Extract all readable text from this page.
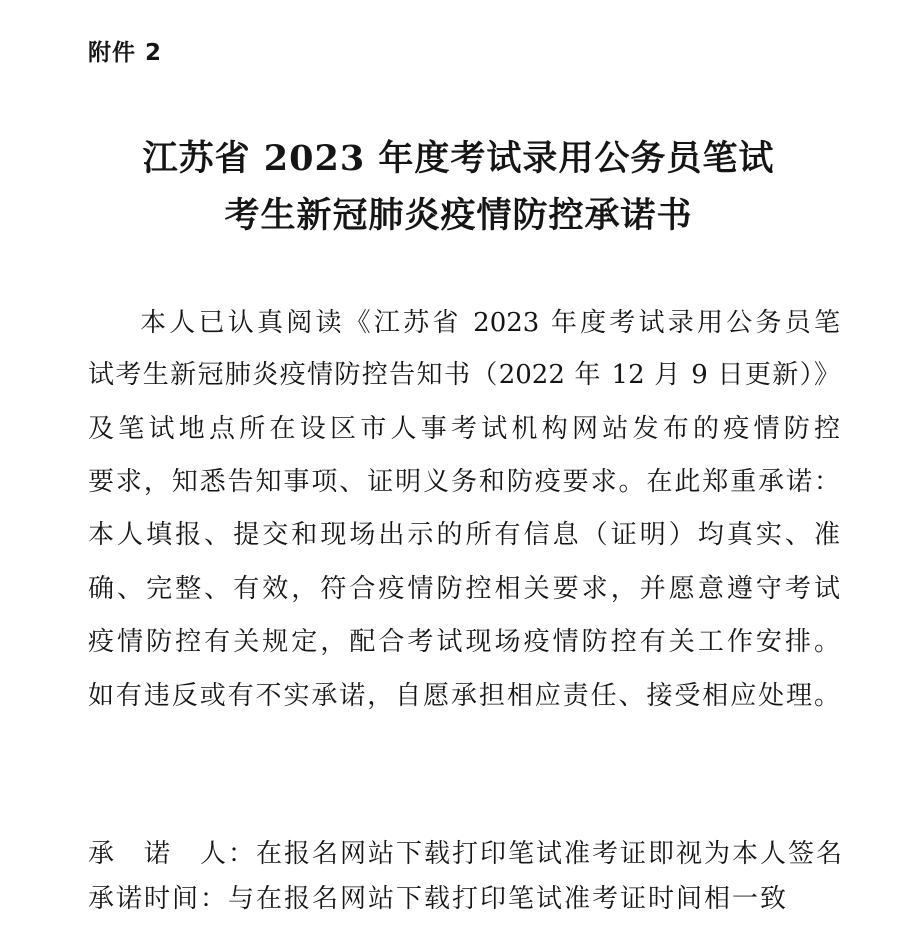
附件 2
江苏省 2023 年度考试录用公务员笔试
考生新冠肺炎疫情防控承诺书
本人已认真阅读《江苏省 2023 年度考试录用公务员笔
试考生新冠肺炎疫情防控告知书（2022 年 12 月 9 日更新）》
及笔试地点所在设区市人事考试机构网站发布的疫情防控
要求，知悉告知事项、证明义务和防疫要求。在此郑重承诺：
本人填报、提交和现场出示的所有信息（证明）均真实、准
确、完整、有效，符合疫情防控相关要求，并愿意遵守考试
疫情防控有关规定，配合考试现场疫情防控有关工作安排。
如有违反或有不实承诺，自愿承担相应责任、接受相应处理。
承　诺　人：在报名网站下载打印笔试准考证即视为本人签名
承诺时间：与在报名网站下载打印笔试准考证时间相一致
